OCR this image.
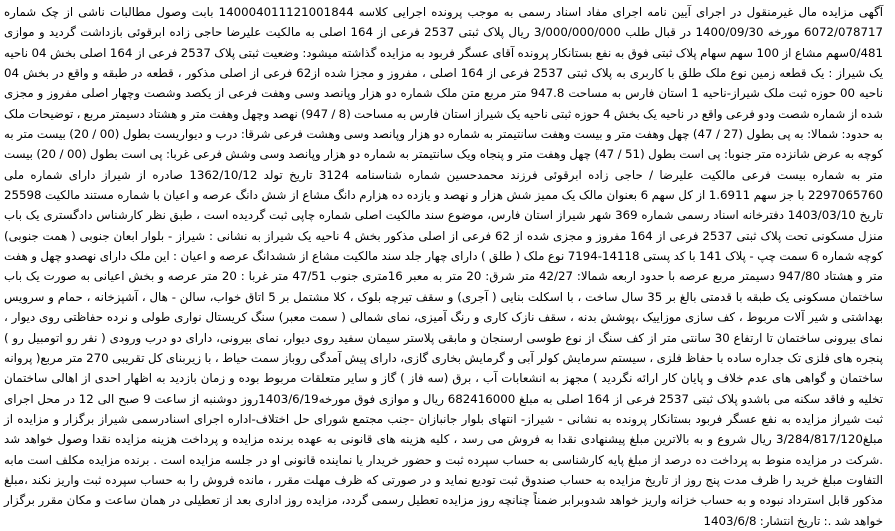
آگهی مزایده مال غیرمنقول در اجرای آیین نامه اجرای مفاد اسناد رسمی به موجب پرونده اجرایی کلاسه 140004011121001844 بابت وصول مطالبات ناشی از چک شماره 6072/078717 مورخه 1400/09/30 در قبال طلب 3/000/000/000 ریال پلاک ثبتی 2537 فرعی از 164 اصلی به مالکیت علیرضا حاجی زاده ابرقوئی بازداشت گردید و موازی 0/481سهم مشاع از 100 سهم سهام پلاک ثبتی فوق به نفع بستانکار پرونده آقای عسگر فربود به مزایده گذاشته میشود: وضعیت ثبتی پلاک 2537 فرعی از 164 اصلی بخش 04 ناحیه یک شیراز : یک قطعه زمین نوع ملک طلق با کاربری به پلاک ثبتی 2537 فرعی از 164 اصلی ، مفروز و مجزا شده از62 فرعی از اصلی مذکور ، قطعه در طبقه و واقع در بخش 04 ناحیه 00 حوزه ثبت ملک شیراز-ناحیه 1 استان فارس به مساحت 947.8 متر مربع متن ملک شماره دو هزار وپانصد وسی وهفت فرعی از یکصد وشصت وچهار اصلی مفروز و مجزی شده از شماره شصت ودو فرعی واقع در ناحیه یک بخش 4 حوزه ثبتی ناحیه یک شیراز استان فارس به مساحت (8 / 947) نهصد وچهل وهفت متر و هشتاد دسیمتر مربع ، توضیحات ملک به حدود: شمالا: به پی بطول (27 / 47) چهل وهفت متر و بیست وهفت سانتیمتر به شماره دو هزار وپانصد وسی وهشت فرعی شرقا: درب و دیواریست بطول (00 / 20) بیست متر به کوچه به عرض شانزده متر جنوبا: پی است بطول (51 / 47) چهل وهفت متر و پنجاه ویک سانتیمتر به شماره دو هزار وپانصد وسی وشش فرعی غربا: پی است بطول (00 / 20) بیست متر به شماره بیست فرعی مالکیت علیرضا / حاجی زاده ابرقوئی فرزند محمدحسین شماره شناسنامه 3124 تاریخ تولد 1362/10/12 صادره از شیراز دارای شماره ملی 2297065760 با جز سهم 1.6911 از کل سهم 6 بعنوان مالک یک ممیز شش هزار و نهصد و یازده ده هزارم دانگ مشاع از شش دانگ عرصه و اعیان با شماره مستند مالکیت 25598 تاریخ 1403/03/10 دفترخانه اسناد رسمی شماره 369 شهر شیراز استان فارس، موضوع سند مالکیت اصلی شماره چاپی ثبت گردیده است ، طبق نظر کارشناس دادگستری یک باب منزل مسکونی تحت پلاک ثبتی 2537 فرعی از 164 مفروز و مجزی شده از 62 فرعی از اصلی مذکور بخش 4 ناحیه یک شیراز به نشانی : شیراز - بلوار ابعان جنوبی ( همت جنوبی) کوچه شماره 6 سمت چپ - پلاک 141 با کد پستی 14118-7194 نوع ملک ( طلق ) دارای چهار جلد سند مالکیت مشاع از ششدانگ عرصه و اعیان : این ملک دارای نهصدو چهل و هفت متر و هشتاد 947/80 دسیمتر مربع عرصه با حدود اربعه شمالا: 42/27 متر شرق: 20 متر به معبر 16متری جنوب 47/51 متر غربا : 20 متر عرصه و بخش اعیانی به صورت یک باب ساختمان مسکونی یک طبقه با قدمتی بالغ بر 35 سال ساخت ، با اسکلت بنایی ( آجری) و سقف تیرچه بلوک ، کلا مشتمل بر 5 اتاق خواب، سالن - هال ، آشپزخانه ، حمام و سرویس بهداشتی و شیر آلات مربوط ، کف سازی موزاییک ،پوشش بدنه ، سقف نازک کاری و رنگ آمیزی، نمای شمالی ( سمت معبر) سنگ کریستال نواری طولی و نرده حفاظتی روی دیوار ، نمای بیرونی ساختمان تا ارتفاع 30 سانتی متر از کف سنگ از نوع طوسی ارسنجان و مابقی پلاستر سیمان سفید روی دیوار، نمای بیرونی، دارای دو درب ورودی ( نفر رو اتومبیل رو ) پنجره های فلزی تک جداره ساده با حفاظ فلزی ، سیستم سرمایش کولر آبی و گرمایش بخاری گازی، دارای پیش آمدگی روباز سمت حیاط ، با زیربنای کل تقریبی 270 متر مربع( پروانه ساختمان و گواهی های عدم خلاف و پایان کار ارائه نگردید ) مجهز به انشعابات آب ، برق (سه فاز ) گاز و سایر متعلقات مربوط بوده و زمان بازدید به اظهار احدی از اهالی ساختمان تخلیه و فاقد سکنه می باشدو پلاک ثبتی 2537 فرعی از 164 اصلی به مبلغ 682416000 ریال و موازی فوق مورخه1403/6/19روز دوشنبه از ساعت 9 صبح الی 12 در محل اجرای ثبت شیراز مزایده به نفع عسگر فربود بستانکار پرونده به نشانی - شیراز- انتهای بلوار جانبازان -جنب مجتمع شورای حل اختلاف-اداره اجرای اسنادرسمی شیراز برگزار و مزایده از مبلغ3/284/817/120 ریال شروع و به بالاترین مبلغ پیشنهادی نقدا به فروش می رسد ، کلیه هزینه های قانونی به عهده برنده مزایده و پرداخت هزینه مزایده نقدا وصول خواهد شد .شرکت در مزایده منوط به پرداخت ده درصد از مبلغ پایه کارشناسی به حساب سپرده ثبت و حضور خریدار یا نماینده قانونی او در جلسه مزایده است . برنده مزایده مکلف است مابه التفاوت مبلغ خرید را ظرف مدت پنج روز از تاریخ مزایده به حساب صندوق ثبت تودیع نماید و در صورتی که ظرف مهلت مقرر ، مانده فروش را به حساب سپرده ثبت واریز نکند ،مبلغ مذکور قابل استرداد نبوده و به حساب خزانه واریز خواهد شدوبرابر ضمناً چنانچه روز مزایده تعطیل رسمی گردد، مزایده روز اداری بعد از تعطیلی در همان ساعت و مکان مقرر برگزار خواهد شد .: تاریخ انتشار: 1403/6/8
